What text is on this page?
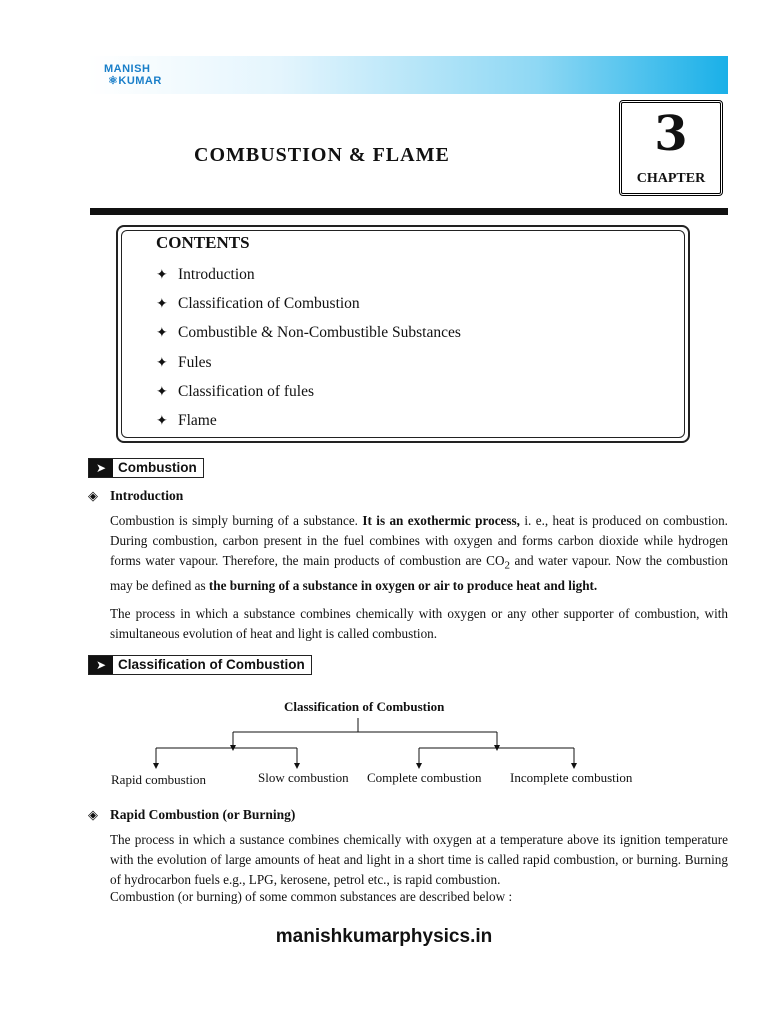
MANISH
⚛KUMAR
COMBUSTION & FLAME	3
CHAPTER
CONTENTS
✦ Introduction
✦ Classification of Combustion
✦ Combustible & Non-Combustible Substances
✦ Fules
✦ Classification of fules
✦ Flame
➤ Combustion
◈ Introduction

Combustion is simply burning of a substance. It is an exothermic process, i. e., heat is produced on combustion. During combustion, carbon present in the fuel combines with oxygen and forms carbon dioxide while hydrogen forms water vapour. Therefore, the main products of combustion are $CO_2$ and water vapour. Now the combustion may be defined as the burning of a substance in oxygen or air to produce heat and light.

The process in which a substance combines chemically with oxygen or any other supporter of combustion, with simultaneous evolution of heat and light is called combustion.

➤ Classification of Combustion
Classification of Combustion
Rapid combustion	Slow combustion Complete combustion Incomplete combustion
◈ Rapid Combustion (or Burning)

The process in which a sustance combines chemically with oxygen at a temperature above its ignition temperature with the evolution of large amounts of heat and light in a short time is called rapid combustion, or burning. Burning of hydrocarbon fuels e.g., LPG, kerosene, petrol etc., is rapid combustion.

Combustion (or burning) of some common substances are described below :

manishkumarphysics.in
